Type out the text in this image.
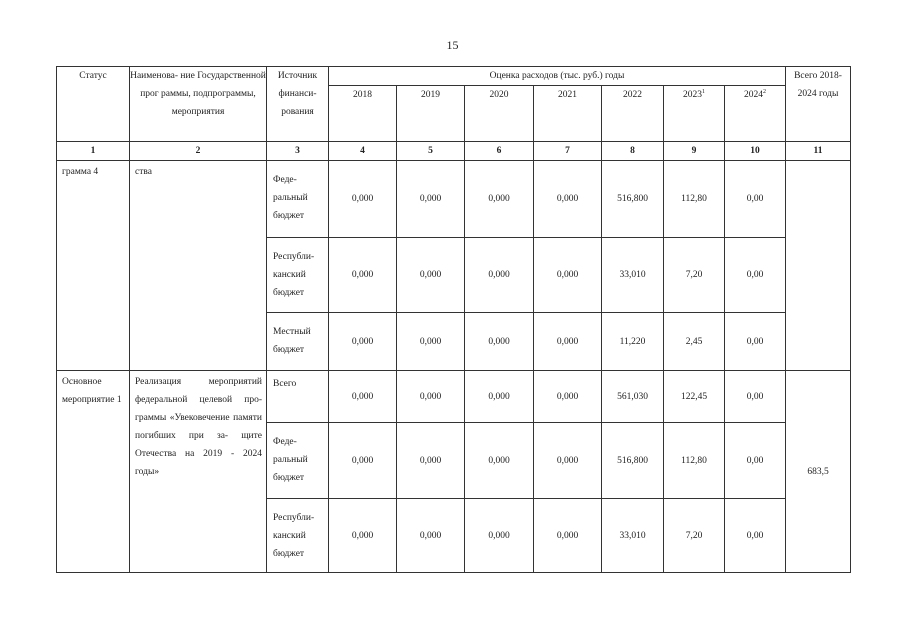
15
Статус	Наименова- ние Государственной прог раммы, подпрограммы, мероприятия	Источник финанси- рования	Оценка расходов (тыс. руб.) годы							Всего 2018-2024 годы
			2018	2019	2020	2021	2022	2023$^1$	2024$^2$
1	2	3	4	5	6	7	8	9	10	11
грамма 4	ства	Феде- ральный бюджет	0,000	0,000	0,000	0,000	516,800	112,80	0,00	
		Республи- канский бюджет	0,000	0,000	0,000	0,000	33,010	7,20	0,00	
		Местный бюджет	0,000	0,000	0,000	0,000	11,220	2,45	0,00	
Основное мероприятие 1	Реализация мероприятий федеральной целевой про- граммы «Увековечение памяти погибших при за- щите Отечества на 2019 - 2024 годы»	Всего	0,000	0,000	0,000	0,000	561,030	122,45	0,00	683,5
		Феде- ральный бюджет	0,000	0,000	0,000	0,000	516,800	112,80	0,00	
		Республи- канский бюджет	0,000	0,000	0,000	0,000	33,010	7,20	0,00	
